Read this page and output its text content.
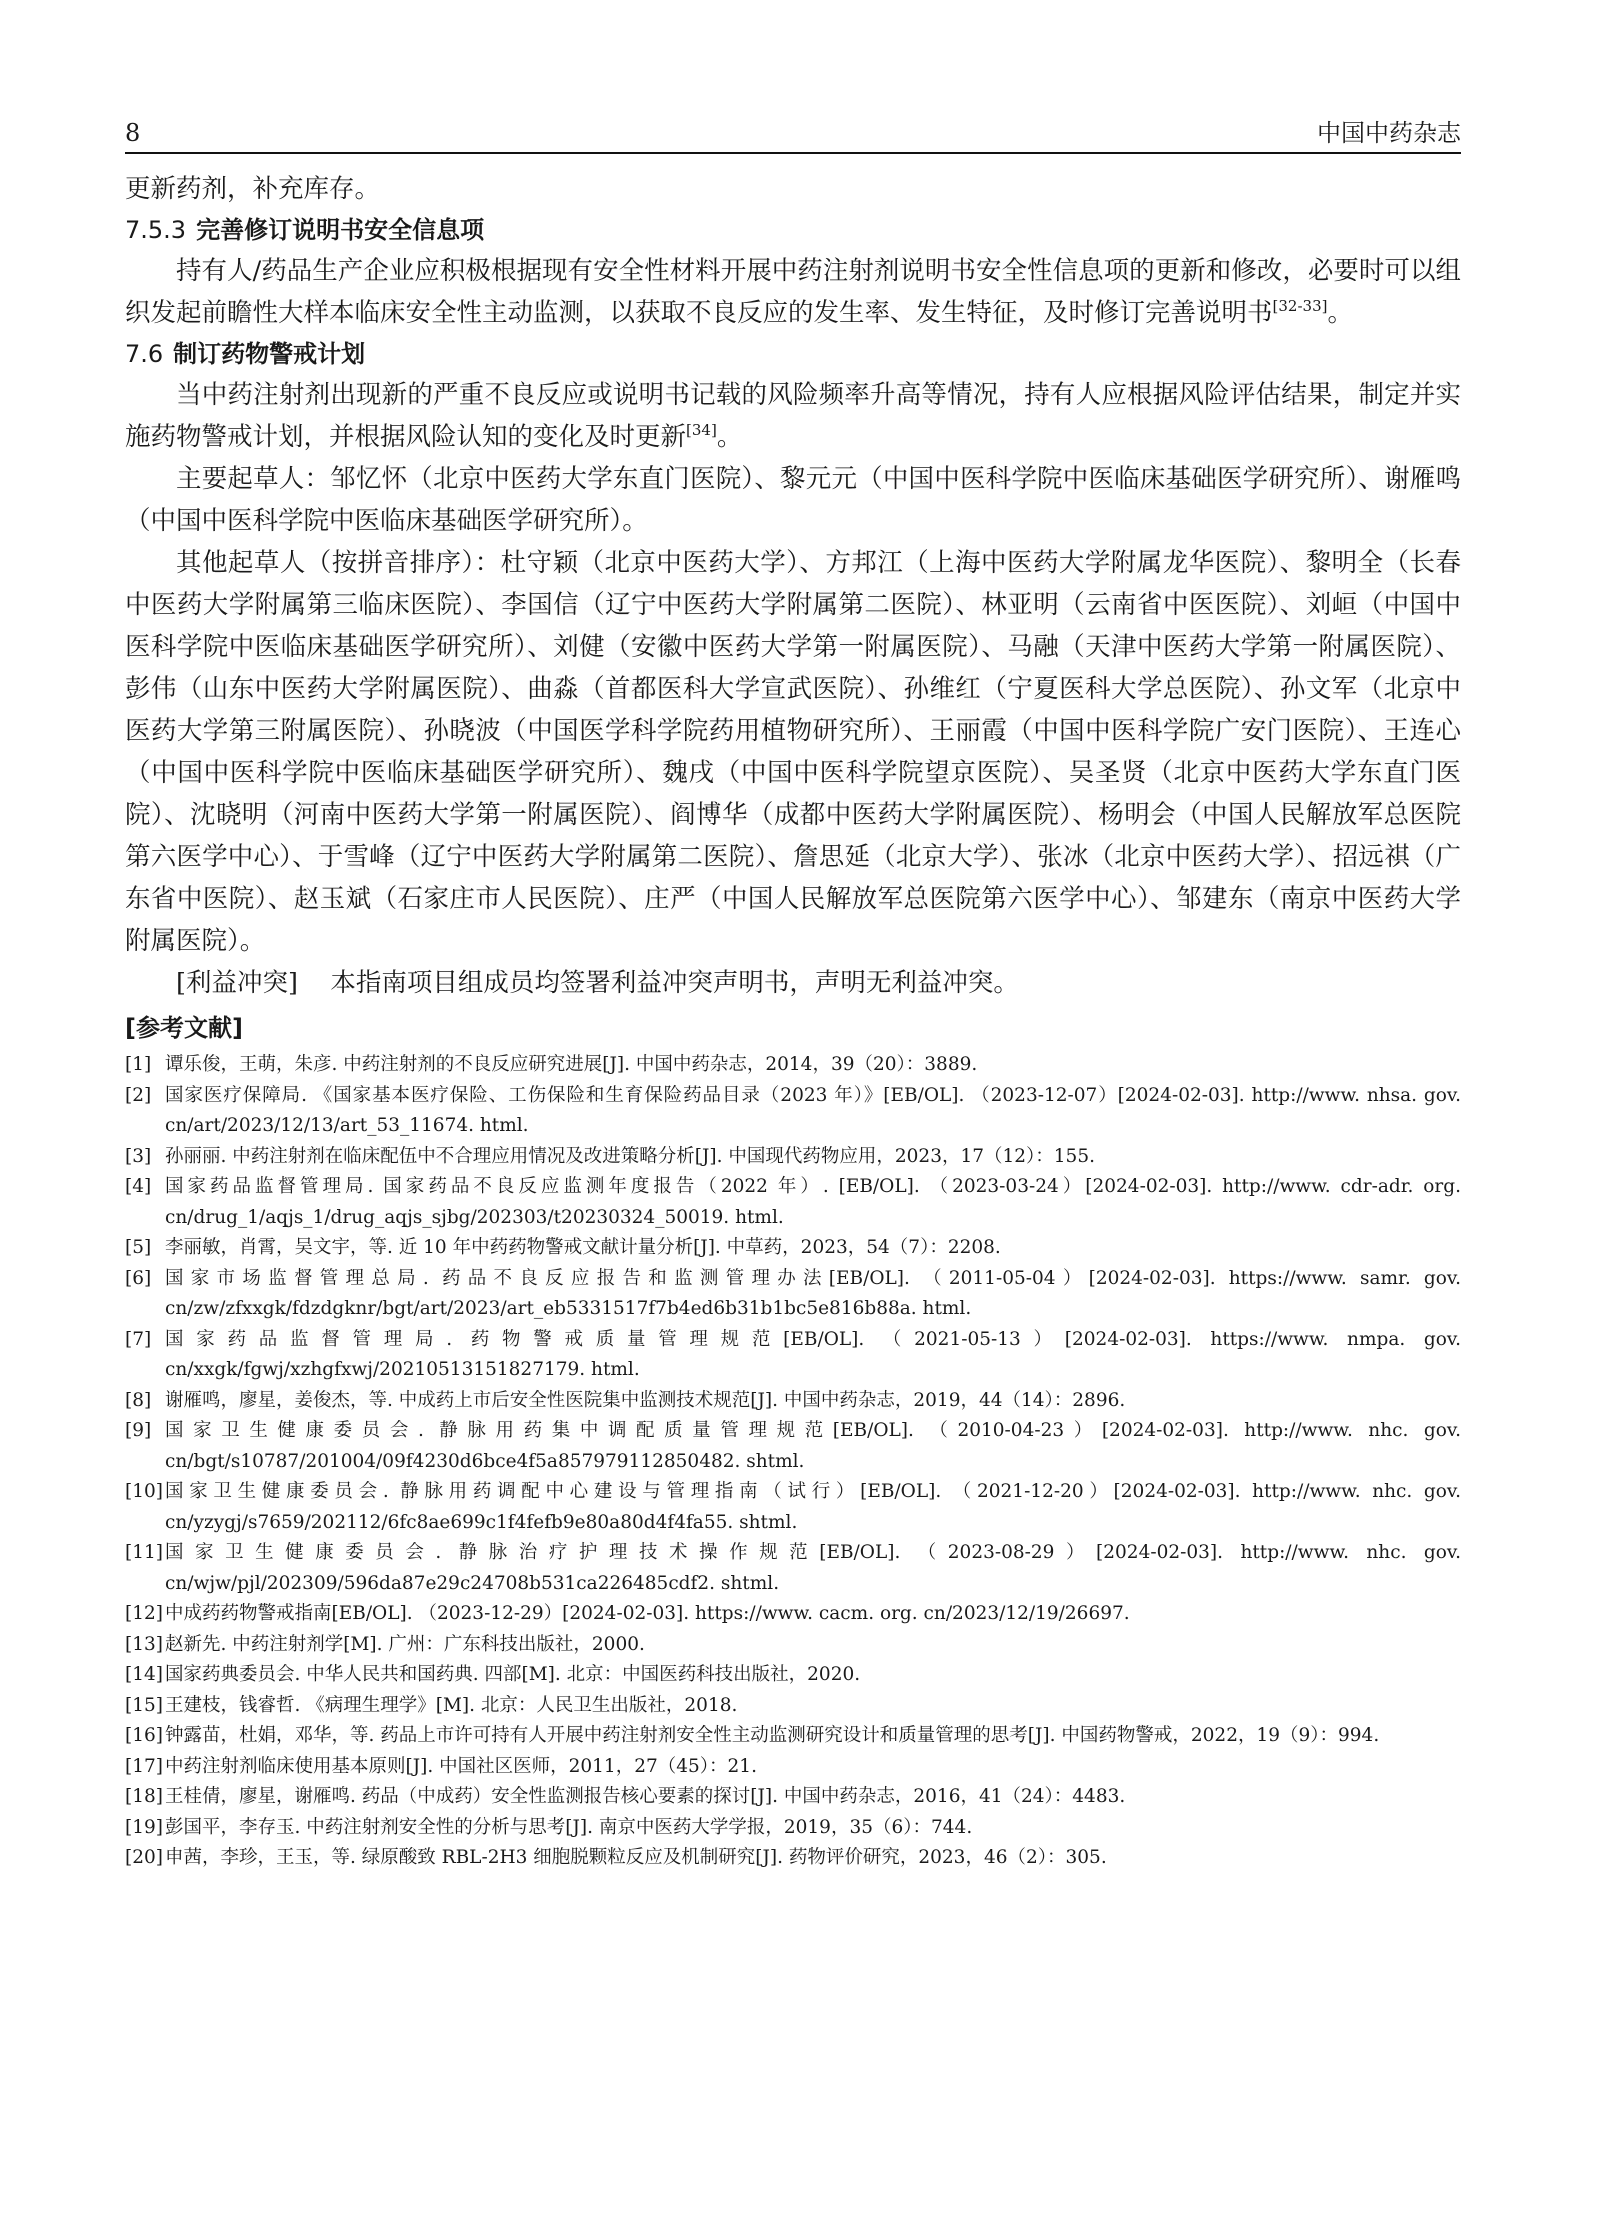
8	中国中药杂志

更新药剂，补充库存。

7.5.3 完善修订说明书安全信息项

持有人/药品生产企业应积极根据现有安全性材料开展中药注射剂说明书安全性信息项的更新和修改，必要时可以组织发起前瞻性大样本临床安全性主动监测，以获取不良反应的发生率、发生特征，及时修订完善说明书[32-33]。

7.6 制订药物警戒计划

当中药注射剂出现新的严重不良反应或说明书记载的风险频率升高等情况，持有人应根据风险评估结果，制定并实施药物警戒计划，并根据风险认知的变化及时更新[34]。

主要起草人：邹忆怀（北京中医药大学东直门医院）、黎元元（中国中医科学院中医临床基础医学研究所）、谢雁鸣（中国中医科学院中医临床基础医学研究所）。

其他起草人（按拼音排序）：杜守颖（北京中医药大学）、方邦江（上海中医药大学附属龙华医院）、黎明全（长春中医药大学附属第三临床医院）、李国信（辽宁中医药大学附属第二医院）、林亚明（云南省中医医院）、刘峘（中国中医科学院中医临床基础医学研究所）、刘健（安徽中医药大学第一附属医院）、马融（天津中医药大学第一附属医院）、彭伟（山东中医药大学附属医院）、曲淼（首都医科大学宣武医院）、孙维红（宁夏医科大学总医院）、孙文军（北京中医药大学第三附属医院）、孙晓波（中国医学科学院药用植物研究所）、王丽霞（中国中医科学院广安门医院）、王连心（中国中医科学院中医临床基础医学研究所）、魏戌（中国中医科学院望京医院）、吴圣贤（北京中医药大学东直门医院）、沈晓明（河南中医药大学第一附属医院）、阎博华（成都中医药大学附属医院）、杨明会（中国人民解放军总医院第六医学中心）、于雪峰（辽宁中医药大学附属第二医院）、詹思延（北京大学）、张冰（北京中医药大学）、招远祺（广东省中医院）、赵玉斌（石家庄市人民医院）、庄严（中国人民解放军总医院第六医学中心）、邹建东（南京中医药大学附属医院）。

[利益冲突] 本指南项目组成员均签署利益冲突声明书，声明无利益冲突。

[参考文献]

[1] 谭乐俊，王萌，朱彦. 中药注射剂的不良反应研究进展[J]. 中国中药杂志，2014，39（20）：3889.

[2] 国家医疗保障局. 《国家基本医疗保险、工伤保险和生育保险药品目录（2023 年）》[EB/OL]. （2023-12-07）[2024-02-03]. http://www. nhsa. gov. cn/art/2023/12/13/art_53_11674. html.

[3] 孙丽丽. 中药注射剂在临床配伍中不合理应用情况及改进策略分析[J]. 中国现代药物应用，2023，17（12）：155.

[4] 国家药品监督管理局. 国家药品不良反应监测年度报告（2022 年）. [EB/OL]. （2023-03-24）[2024-02-03]. http://www. cdr-adr. org. cn/drug_1/aqjs_1/drug_aqjs_sjbg/202303/t20230324_50019. html.

[5] 李丽敏，肖霄，吴文宇，等. 近 10 年中药药物警戒文献计量分析[J]. 中草药，2023，54（7）：2208.

[6] 国家市场监督管理总局. 药品不良反应报告和监测管理办法[EB/OL]. （2011-05-04）[2024-02-03]. https://www. samr. gov. cn/zw/zfxxgk/fdzdgknr/bgt/art/2023/art_eb5331517f7b4ed6b31b1bc5e816b88a. html.

[7] 国家药品监督管理局. 药物警戒质量管理规范[EB/OL]. （2021-05-13）[2024-02-03]. https://www. nmpa. gov. cn/xxgk/fgwj/xzhgfxwj/20210513151827179. html.

[8] 谢雁鸣，廖星，姜俊杰，等. 中成药上市后安全性医院集中监测技术规范[J]. 中国中药杂志，2019，44（14）：2896.

[9] 国家卫生健康委员会. 静脉用药集中调配质量管理规范[EB/OL]. （2010-04-23）[2024-02-03]. http://www. nhc. gov. cn/bgt/s10787/201004/09f4230d6bce4f5a857979112850482. shtml.

[10] 国家卫生健康委员会. 静脉用药调配中心建设与管理指南（试行）[EB/OL]. （2021-12-20）[2024-02-03]. http://www. nhc. gov. cn/yzygj/s7659/202112/6fc8ae699c1f4fefb9e80a80d4f4fa55. shtml.

[11] 国家卫生健康委员会. 静脉治疗护理技术操作规范[EB/OL]. （2023-08-29）[2024-02-03]. http://www. nhc. gov. cn/wjw/pjl/202309/596da87e29c24708b531ca226485cdf2. shtml.

[12] 中成药药物警戒指南[EB/OL]. （2023-12-29）[2024-02-03]. https://www. cacm. org. cn/2023/12/19/26697.

[13] 赵新先. 中药注射剂学[M]. 广州：广东科技出版社，2000.

[14] 国家药典委员会. 中华人民共和国药典. 四部[M]. 北京：中国医药科技出版社，2020.

[15] 王建枝，钱睿哲. 《病理生理学》[M]. 北京：人民卫生出版社，2018.

[16] 钟露苗，杜娟，邓华，等. 药品上市许可持有人开展中药注射剂安全性主动监测研究设计和质量管理的思考[J]. 中国药物警戒，2022，19（9）：994.

[17] 中药注射剂临床使用基本原则[J]. 中国社区医师，2011，27（45）：21.

[18] 王桂倩，廖星，谢雁鸣. 药品（中成药）安全性监测报告核心要素的探讨[J]. 中国中药杂志，2016，41（24）：4483.

[19] 彭国平，李存玉. 中药注射剂安全性的分析与思考[J]. 南京中医药大学学报，2019，35（6）：744.

[20] 申茜，李珍，王玉，等. 绿原酸致 RBL-2H3 细胞脱颗粒反应及机制研究[J]. 药物评价研究，2023，46（2）：305.
